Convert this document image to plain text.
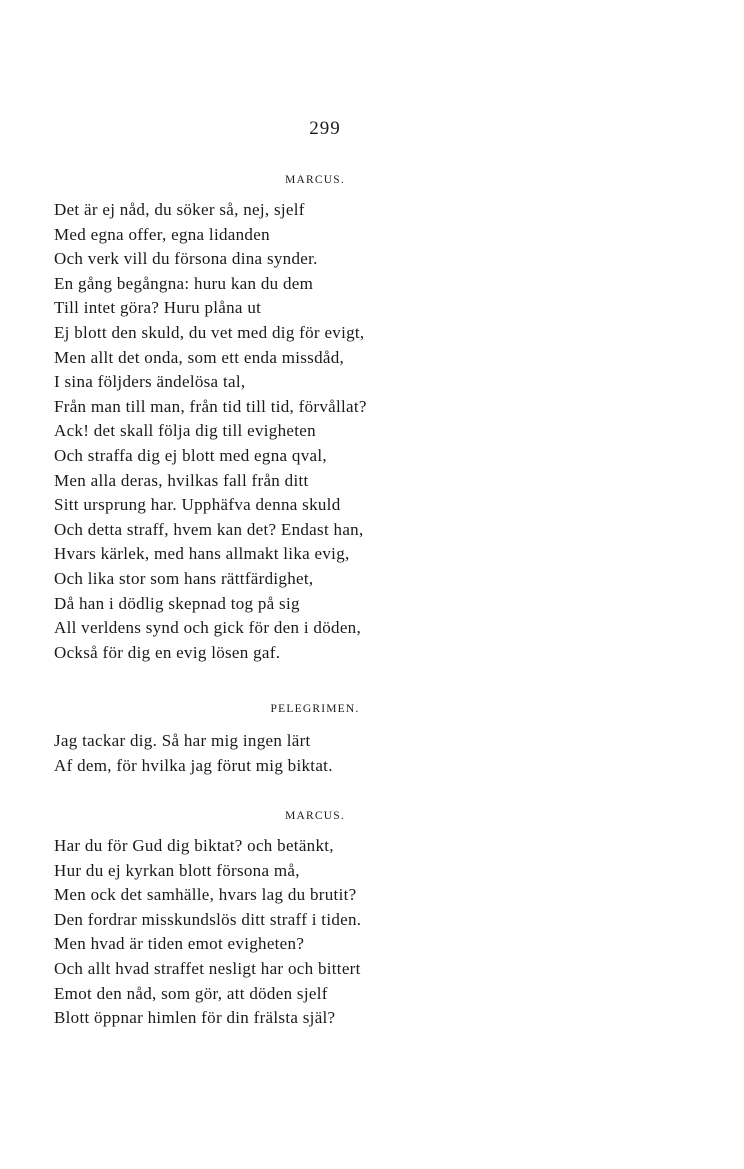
299
MARCUS.
Det är ej nåd, du söker så, nej, sjelf
Med egna offer, egna lidanden
Och verk vill du försona dina synder.
En gång begångna: huru kan du dem
Till intet göra? Huru plåna ut
Ej blott den skuld, du vet med dig för evigt,
Men allt det onda, som ett enda missdåd,
I sina följders ändelösa tal,
Från man till man, från tid till tid, förvållat?
Ack! det skall följa dig till evigheten
Och straffa dig ej blott med egna qval,
Men alla deras, hvilkas fall från ditt
Sitt ursprung har. Upphäfva denna skuld
Och detta straff, hvem kan det? Endast han,
Hvars kärlek, med hans allmakt lika evig,
Och lika stor som hans rättfärdighet,
Då han i dödlig skepnad tog på sig
All verldens synd och gick för den i döden,
Också för dig en evig lösen gaf.
PELEGRIMEN.
Jag tackar dig. Så har mig ingen lärt
Af dem, för hvilka jag förut mig biktat.
MARCUS.
Har du för Gud dig biktat? och betänkt,
Hur du ej kyrkan blott försona må,
Men ock det samhälle, hvars lag du brutit?
Den fordrar misskundslös ditt straff i tiden.
Men hvad är tiden emot evigheten?
Och allt hvad straffet nesligt har och bittert
Emot den nåd, som gör, att döden sjelf
Blott öppnar himlen för din frälsta själ?
